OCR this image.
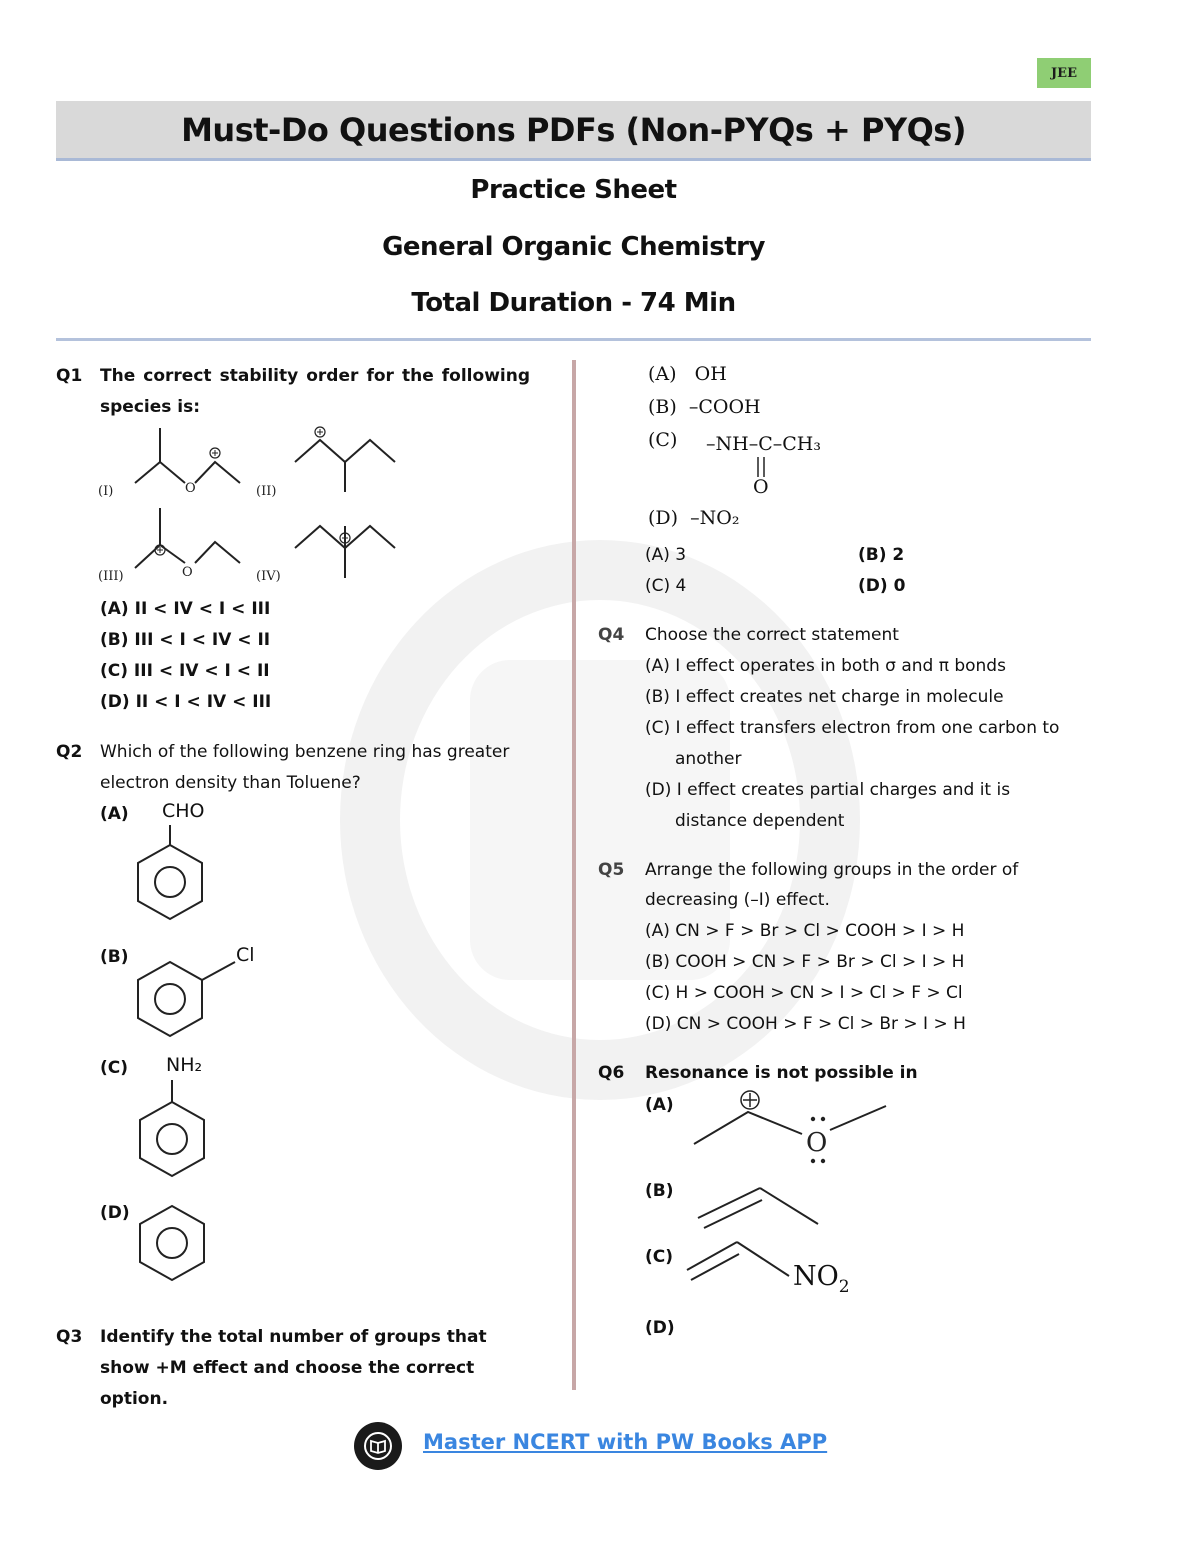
JEE
Must-Do Questions PDFs (Non-PYQs + PYQs)
Practice Sheet
General Organic Chemistry
Total Duration - 74 Min
Q1 The correct stability order for the following species is:
O
(I)	(II)
O
(III)	(IV)
(A) II < IV < I < III
(B) III < I < IV < II
(C) III < IV < I < II
(D) II < I < IV < III
Q2 Which of the following benzene ring has greater electron density than Toluene?
(A) CHO
(B)	Cl
(C) NH₂
(D)
Q3 Identify the total number of groups that show +M effect and choose the correct option.
(A)   OH
(B)  –COOH
(C) –NH–C–CH₃
O
(D)  –NO₂
(A) 3	(B) 2
(C) 4	(D) 0
Q4 Choose the correct statement
(A) I effect operates in both σ and π bonds
(B) I effect creates net charge in molecule
(C) I effect transfers electron from one carbon to
another
(D) I effect creates partial charges and it is
distance dependent
Q5 Arrange the following groups in the order of
decreasing (–I) effect.
(A) CN > F > Br > Cl > COOH > I > H
(B) COOH > CN > F > Br > Cl > I > H
(C) H > COOH > CN > I > Cl > F > Cl
(D) CN > COOH > F > Cl > Br > I > H
Q6 Resonance is not possible in
(A)
O
(B)
(C)
$NO_2$
(D)
Master NCERT with PW Books APP
